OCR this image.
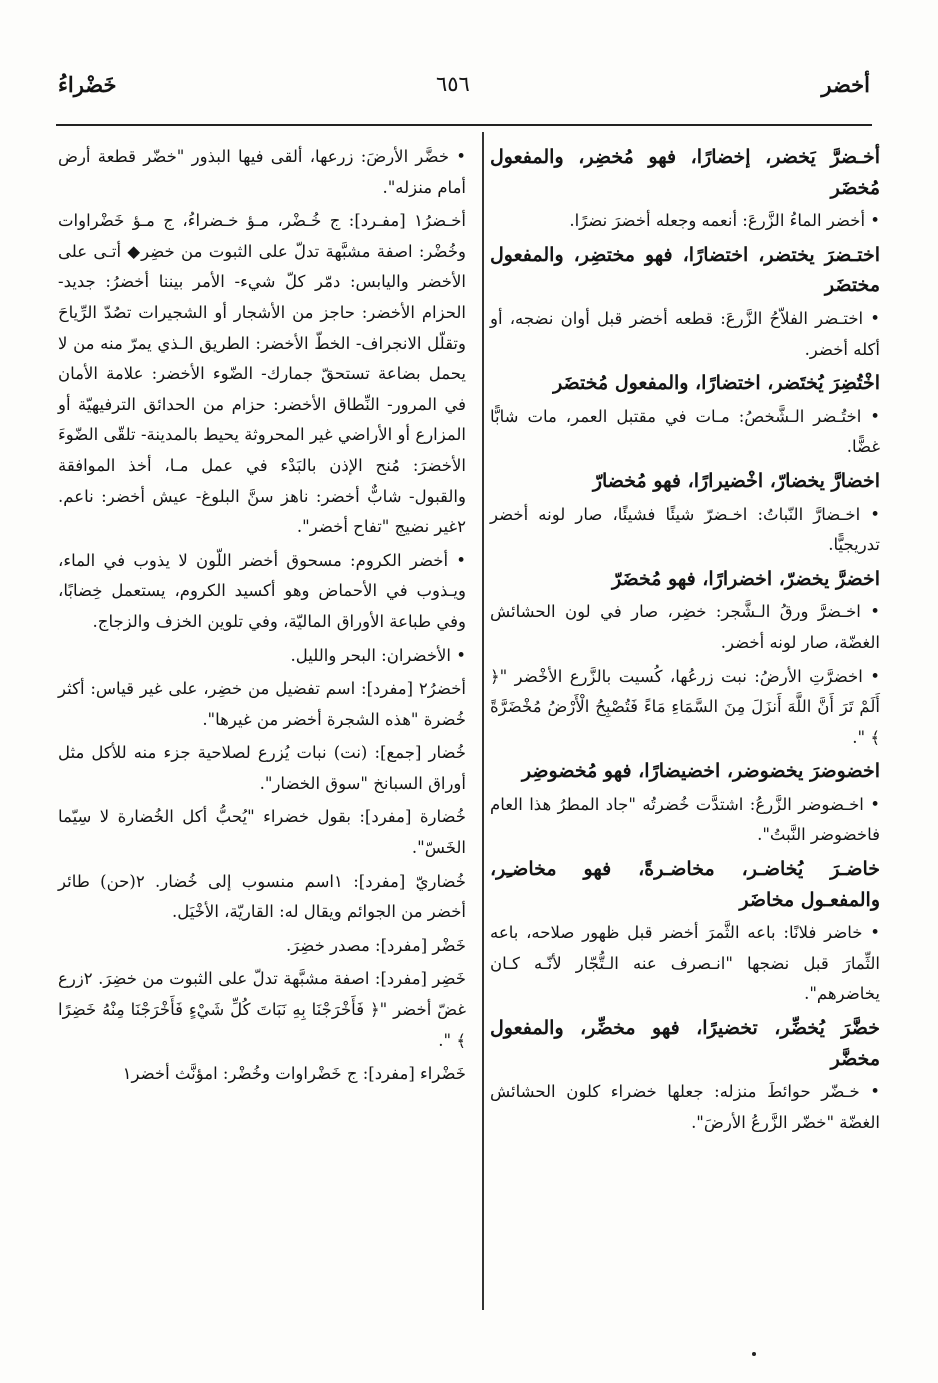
أخضر
٦٥٦
خَضْراءُ

أخـضرَّ يَخضر، إخضارًا، فهو مُخضِر، والمفعول مُخضَر

• أخضر الماءُ الزَّرعَ: أنعمه وجعله أخضرَ نضرًا.

اختـضرَ يختضر، اختضارًا، فهو مختضِر، والمفعول مختضَر

• اختـضر الفلاّحُ الزَّرعَ: قطعه أخضر قبل أوان نضجه، أو أكله أخضر.

اخْتُضِرَ يُختَضر، اختضارًا، والمفعول مُختضَر

• اختُـضر الـشَّخصُ: مـات في مقتبل العمر، مات شابًّا غضًّا.

اخضارَّ يخضارّ، اخْضيرارًا، فهو مُخضارّ

• اخـضارَّ النّباتُ: اخـضرّ شيئًا فشيئًا، صار لونه أخضر تدريجيًّا.

اخضرَّ يخضرّ، اخضرارًا، فهو مُخضَرّ

• اخـضرَّ ورقُ الـشَّجر: خضِر، صار في لون الحشائش الغضّة، صار لونه أخضر.

• اخضرَّتِ الأرضُ: نبت زرعُها، كُسيت بالزَّرع الأخْضر "﴿ أَلَمْ تَرَ أَنَّ اللَّهَ أَنزَلَ مِنَ السَّمَاءِ مَاءً فَتُصْبِحُ الْأَرْضُ مُخْضَرَّةً ﴾ ".

اخضوضرَ يخضوضر، اخضيضارًا، فهو مُخضوضِر

• اخـضوضر الزَّرعُ: اشتدَّت خُضرتُه "جاد المطرُ هذا العام فاخضوضر النَّبتُ".

خاضـرَ يُخاضـر، مخاضـرةً، فهو مخاضـِر، والمفعـول مخاضَر

• خاضر فلانًا: باعه الثَّمرَ أخضر قبل ظهور صلاحه، باعه الثِّمارَ قبل نضجها "انـصرف عنه الـتُّجّار لأنّـه كـان يخاضرهم".

خضَّرَ يُخضِّر، تخضيرًا، فهو مخضِّر، والمفعول مخضَّر

• خـضّر حوائطَ منزله: جعلها خضراء كلون الحشائش الغضّة "خضّر الزَّرعُ الأرضَ".

• خضَّر الأرضَ: زرعها، ألقى فيها البذور "خضّر قطعة أرض أمام منزله".

أخـضرُ١ [مفـرد]: ج خُـضْر، مـؤ خـضراءُ، ج مـؤ خَضْراوات وخُضْر: اصفة مشبَّهة تدلّ على الثبوت من خضِر◆ أتـى على الأخضر واليابس: دمّر كلّ شيء- الأمر بيننا أخضرُ: جديد- الحزام الأخضر: حاجز من الأشجار أو الشجيرات تصُدّ الرِّياحَ وتقلّل الانجراف- الخطّ الأخضر: الطريق الـذي يمرّ منه من لا يحمل بضاعة تستحقّ جمارك- الضّوء الأخضر: علامة الأمان في المرور- النِّطاق الأخضر: حزام من الحدائق الترفيهيّة أو المزارع أو الأراضي غير المحروثة يحيط بالمدينة- تلقّى الضّوءَ الأخضرَ: مُنح الإذن بالبَدْء في عمل مـا، أخذ الموافقة والقبول- شابٌّ أخضر: ناهز سنَّ البلوغ- عيش أخضر: ناعم. ٢غير نضيج "تفاح أخضر".

• أخضر الكروم: مسحوق أخضر اللّون لا يذوب في الماء، ويـذوب في الأحماض وهو أكسيد الكروم، يستعمل خِضابًا، وفي طباعة الأوراق الماليّة، وفي تلوين الخزف والزجاج.

• الأخضران: البحر والليل.

أخضرُ٢ [مفرد]: اسم تفضيل من خضِر، على غير قياس: أكثر خُضرة "هذه الشجرة أخضر من غيرها".

خُضار [جمع]: (نت) نبات يُزرع لصلاحية جزء منه للأكل مثل أوراق السبانخ "سوق الخضار".

خُضارة [مفرد]: بقول خضراء "يُحبُّ أكل الخُضارة لا سِيّما الخَسّ".

خُضاريّ [مفرد]: ١اسم منسوب إلى خُضار. ٢(حن) طائر أخضر من الجوائم ويقال له: القاريّة، الأخْيَل.

خَضْر [مفرد]: مصدر خضِرَ.

خَضِر [مفرد]: اصفة مشبَّهة تدلّ على الثبوت من خضِرَ. ٢زرع غضّ أخضر "﴿ فَأَخْرَجْنَا بِهِ نَبَاتَ كُلِّ شَيْءٍ فَأَخْرَجْنَا مِنْهُ خَضِرًا ﴾ ".

خَضْراء [مفرد]: ج خَضْراوات وخُضْر: امؤنَّث أخضر١
